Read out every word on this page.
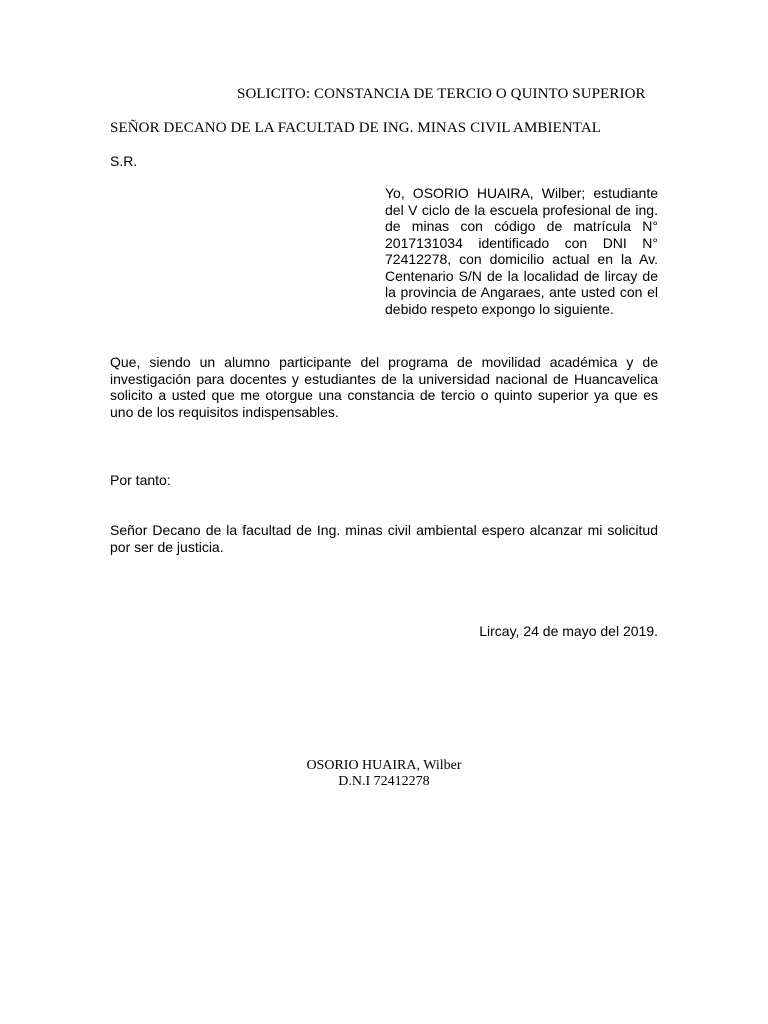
SOLICITO: CONSTANCIA DE TERCIO O QUINTO SUPERIOR
SEÑOR DECANO DE LA FACULTAD DE ING. MINAS CIVIL AMBIENTAL
S.R.
Yo, OSORIO HUAIRA, Wilber; estudiante del V ciclo de la escuela profesional de ing. de minas con código de matrícula N° 2017131034 identificado con DNI N° 72412278, con domicilio actual en la Av. Centenario S/N de la localidad de lircay de la provincia de Angaraes, ante usted con el debido respeto expongo lo siguiente.
Que, siendo un alumno participante del programa de movilidad académica y de investigación para docentes y estudiantes de la universidad nacional de Huancavelica solicito a usted que me otorgue una constancia de tercio o quinto superior ya que es uno de los requisitos indispensables.
Por tanto:
Señor Decano de la facultad de Ing. minas civil ambiental espero alcanzar mi solicitud por ser de justicia.
Lircay, 24 de mayo del 2019.
OSORIO HUAIRA, Wilber
D.N.I 72412278
